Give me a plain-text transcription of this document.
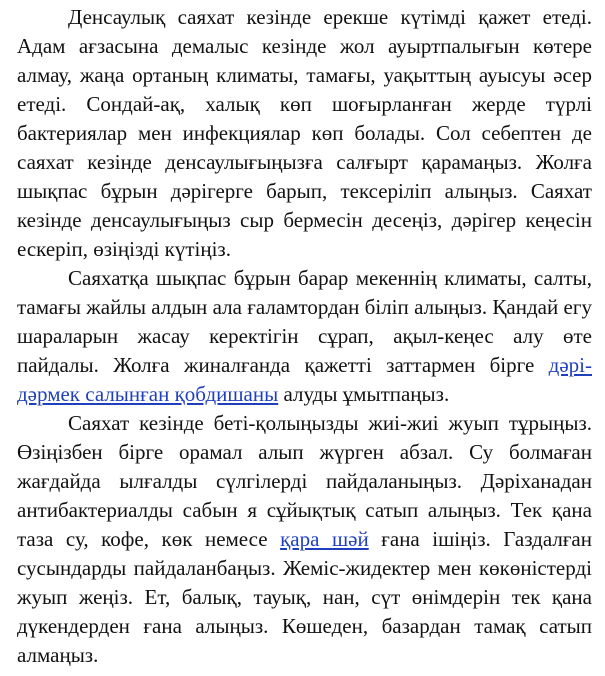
Денсаулық саяхат кезінде ерекше күтімді қажет етеді. Адам ағзасына демалыс кезінде жол ауыртпалығын көтере алмау, жаңа ортаның климаты, тамағы, уақыттың ауысуы әсер етеді. Сондай-ақ, халық көп шоғырланған жерде түрлі бактериялар мен инфекциялар көп болады. Сол себептен де саяхат кезінде денсаулығыңызға салғырт қарамаңыз. Жолға шықпас бұрын дәрігерге барып, тексеріліп алыңыз. Саяхат кезінде денсаулығыңыз сыр бермесін десеңіз, дәрігер кеңесін ескеріп, өзіңізді күтіңіз.

Саяхатқа шықпас бұрын барар мекеннің климаты, салты, тамағы жайлы алдын ала ғаламтордан біліп алыңыз. Қандай егу шараларын жасау керектігін сұрап, ақыл-кеңес алу өте пайдалы. Жолға жиналғанда қажетті заттармен бірге дәрі-дәрмек салынған қобдишаны алуды ұмытпаңыз.

Саяхат кезінде беті-қолыңызды жиі-жиі жуып тұрыңыз. Өзіңізбен бірге орамал алып жүрген абзал. Су болмаған жағдайда ылғалды сүлгілерді пайдаланыңыз. Дәріханадан антибактериалды сабын я сұйықтық сатып алыңыз. Тек қана таза су, кофе, көк немесе қара шәй ғана ішіңіз. Газдалған сусындарды пайдаланбаңыз. Жеміс-жидектер мен көкөністерді жуып жеңіз. Ет, балық, тауық, нан, сүт өнімдерін тек қана дүкендерден ғана алыңыз. Көшеден, базардан тамақ сатып алмаңыз.
